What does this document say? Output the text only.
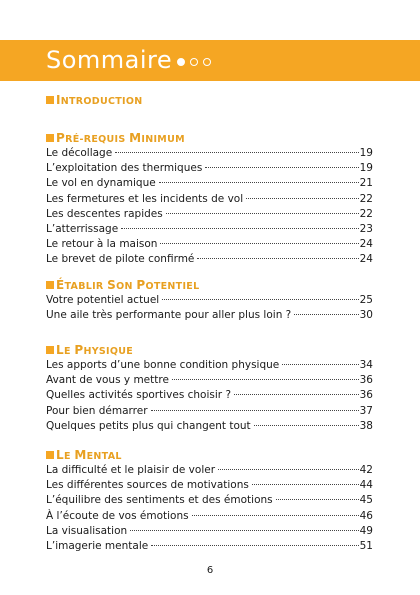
Sommaire
INTRODUCTION
PRÉ-REQUIS MINIMUM
Le décollage	19
L’exploitation des thermiques	19
Le vol en dynamique	21
Les fermetures et les incidents de vol	22
Les descentes rapides	22
L’atterrissage	23
Le retour à la maison	24
Le brevet de pilote confirmé	24
ÉTABLIR SON POTENTIEL
Votre potentiel actuel	25
Une aile très performante pour aller plus loin ?	30
LE PHYSIQUE
Les apports d’une bonne condition physique	34
Avant de vous y mettre	36
Quelles activités sportives choisir ?	36
Pour bien démarrer	37
Quelques petits plus qui changent tout	38
LE MENTAL
La difficulté et le plaisir de voler	42
Les différentes sources de motivations	44
L’équilibre des sentiments et des émotions	45
À l’écoute de vos émotions	46
La visualisation	49
L’imagerie mentale	51
6
